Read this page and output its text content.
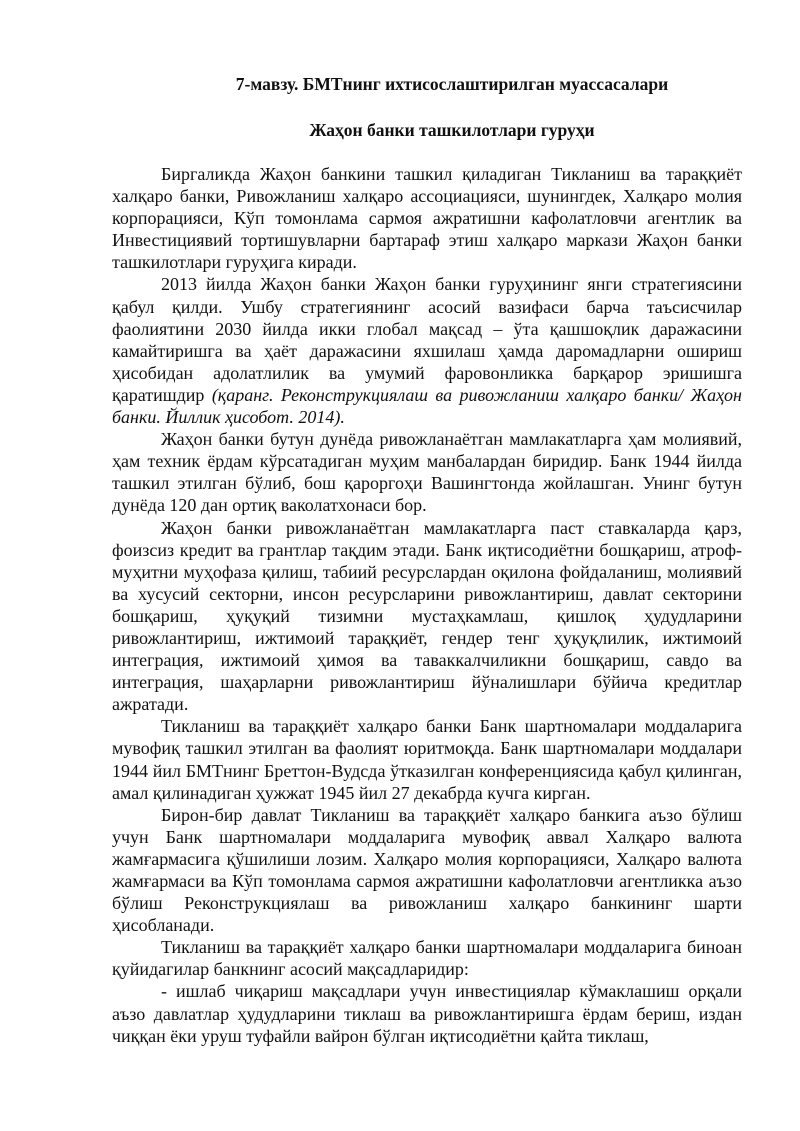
7-мавзу. БМТнинг ихтисослаштирилган муассасалари
Жаҳон банки ташкилотлари гуруҳи

Биргаликда Жаҳон банкини ташкил қиладиган Тикланиш ва тараққиёт халқаро банки, Ривожланиш халқаро ассоциацияси, шунингдек, Халқаро молия корпорацияси, Кўп томонлама сармоя ажратишни кафолатловчи агентлик ва Инвестициявий тортишувларни бартараф этиш халқаро маркази Жаҳон банки ташкилотлари гуруҳига киради.

2013 йилда Жаҳон банки Жаҳон банки гуруҳининг янги стратегиясини қабул қилди. Ушбу стратегиянинг асосий вазифаси барча таъсисчилар фаолиятини 2030 йилда икки глобал мақсад – ўта қашшоқлик даражасини камайтиришга ва ҳаёт даражасини яхшилаш ҳамда даромадларни ошириш ҳисобидан адолатлилик ва умумий фаровонликка барқарор эришишга қаратишдир (қаранг. Реконструкциялаш ва ривожланиш халқаро банки/ Жаҳон банки. Йиллик ҳисобот. 2014).

Жаҳон банки бутун дунёда ривожланаётган мамлакатларга ҳам молиявий, ҳам техник ёрдам кўрсатадиган муҳим манбалардан биридир. Банк 1944 йилда ташкил этилган бўлиб, бош қароргоҳи Вашингтонда жойлашган. Унинг бутун дунёда 120 дан ортиқ ваколатхонаси бор.

Жаҳон банки ривожланаётган мамлакатларга паст ставкаларда қарз, фоизсиз кредит ва грантлар тақдим этади. Банк иқтисодиётни бошқариш, атроф-муҳитни муҳофаза қилиш, табиий ресурслардан оқилона фойдаланиш, молиявий ва хусусий секторни, инсон ресурсларини ривожлантириш, давлат секторини бошқариш, ҳуқуқий тизимни мустаҳкамлаш, қишлоқ ҳудудларини ривожлантириш, ижтимоий тараққиёт, гендер тенг ҳуқуқлилик, ижтимоий интеграция, ижтимоий ҳимоя ва таваккалчиликни бошқариш, савдо ва интеграция, шаҳарларни ривожлантириш йўналишлари бўйича кредитлар ажратади.

Тикланиш ва тараққиёт халқаро банки Банк шартномалари моддаларига мувофиқ ташкил этилган ва фаолият юритмоқда. Банк шартномалари моддалари 1944 йил БМТнинг Бреттон-Вудсда ўтказилган конференциясида қабул қилинган, амал қилинадиган ҳужжат 1945 йил 27 декабрда кучга кирган.

Бирон-бир давлат Тикланиш ва тараққиёт халқаро банкига аъзо бўлиш учун Банк шартномалари моддаларига мувофиқ аввал Халқаро валюта жамғармасига қўшилиши лозим. Халқаро молия корпорацияси, Халқаро валюта жамғармаси ва Кўп томонлама сармоя ажратишни кафолатловчи агентликка аъзо бўлиш Реконструкциялаш ва ривожланиш халқаро банкининг шарти ҳисобланади.

Тикланиш ва тараққиёт халқаро банки шартномалари моддаларига биноан қуйидагилар банкнинг асосий мақсадларидир:

- ишлаб чиқариш мақсадлари учун инвестициялар кўмаклашиш орқали аъзо давлатлар ҳудудларини тиклаш ва ривожлантиришга ёрдам бериш, издан чиққан ёки уруш туфайли вайрон бўлган иқтисодиётни қайта тиклаш,
